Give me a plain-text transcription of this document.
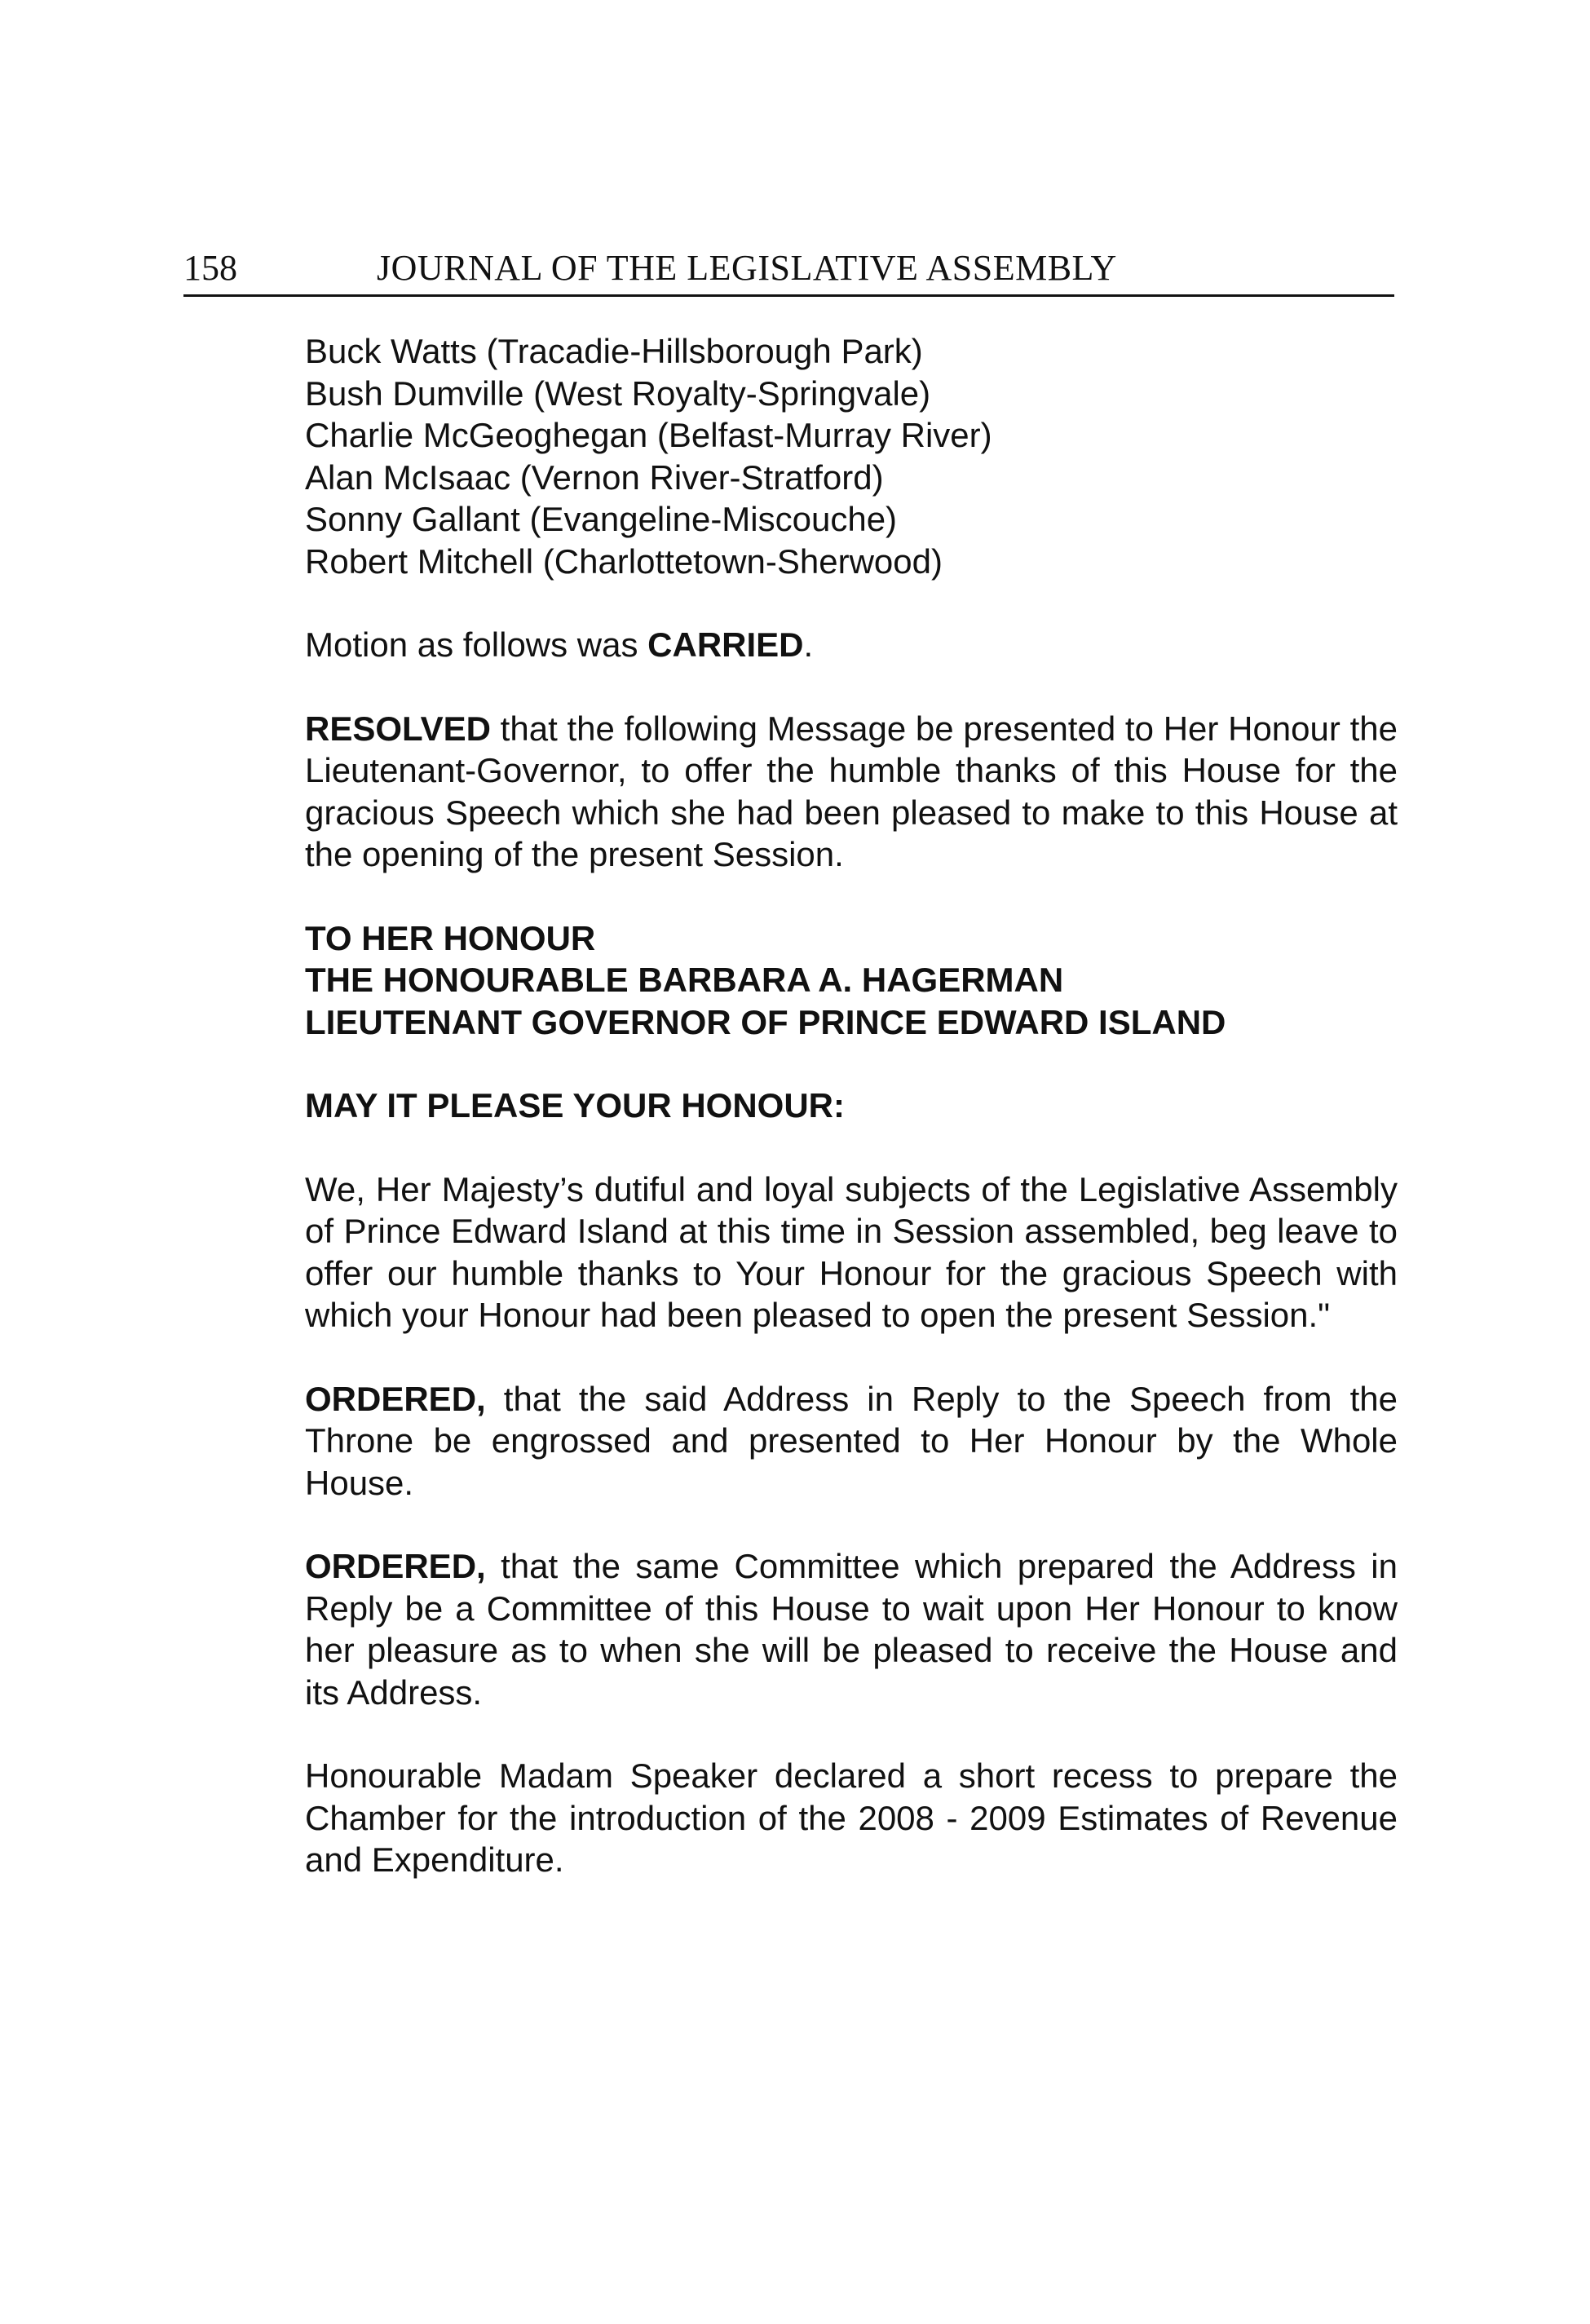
158	JOURNAL OF THE LEGISLATIVE ASSEMBLY
Buck Watts (Tracadie-Hillsborough Park)
Bush Dumville (West Royalty-Springvale)
Charlie McGeoghegan (Belfast-Murray River)
Alan McIsaac (Vernon River-Stratford)
Sonny Gallant (Evangeline-Miscouche)
Robert Mitchell (Charlottetown-Sherwood)

Motion as follows was CARRIED.

RESOLVED that the following Message be presented to Her Honour the Lieutenant-Governor, to offer the humble thanks of this House for the gracious Speech which she had been pleased to make to this House at the opening of the present Session.

TO HER HONOUR
THE HONOURABLE BARBARA A. HAGERMAN
LIEUTENANT GOVERNOR OF PRINCE EDWARD ISLAND
MAY IT PLEASE YOUR HONOUR:

We, Her Majesty’s dutiful and loyal subjects of the Legislative Assembly of Prince Edward Island at this time in Session assembled, beg leave to offer our humble thanks to Your Honour for the gracious Speech with which your Honour had been pleased to open the present Session."

ORDERED, that the said Address in Reply to the Speech from the Throne be engrossed and presented to Her Honour by the Whole House.

ORDERED, that the same Committee which prepared the Address in Reply be a Committee of this House to wait upon Her Honour to know her pleasure as to when she will be pleased to receive the House and its Address.

Honourable Madam Speaker declared a short recess to prepare the Chamber for the introduction of the 2008 - 2009 Estimates of Revenue and Expenditure.
